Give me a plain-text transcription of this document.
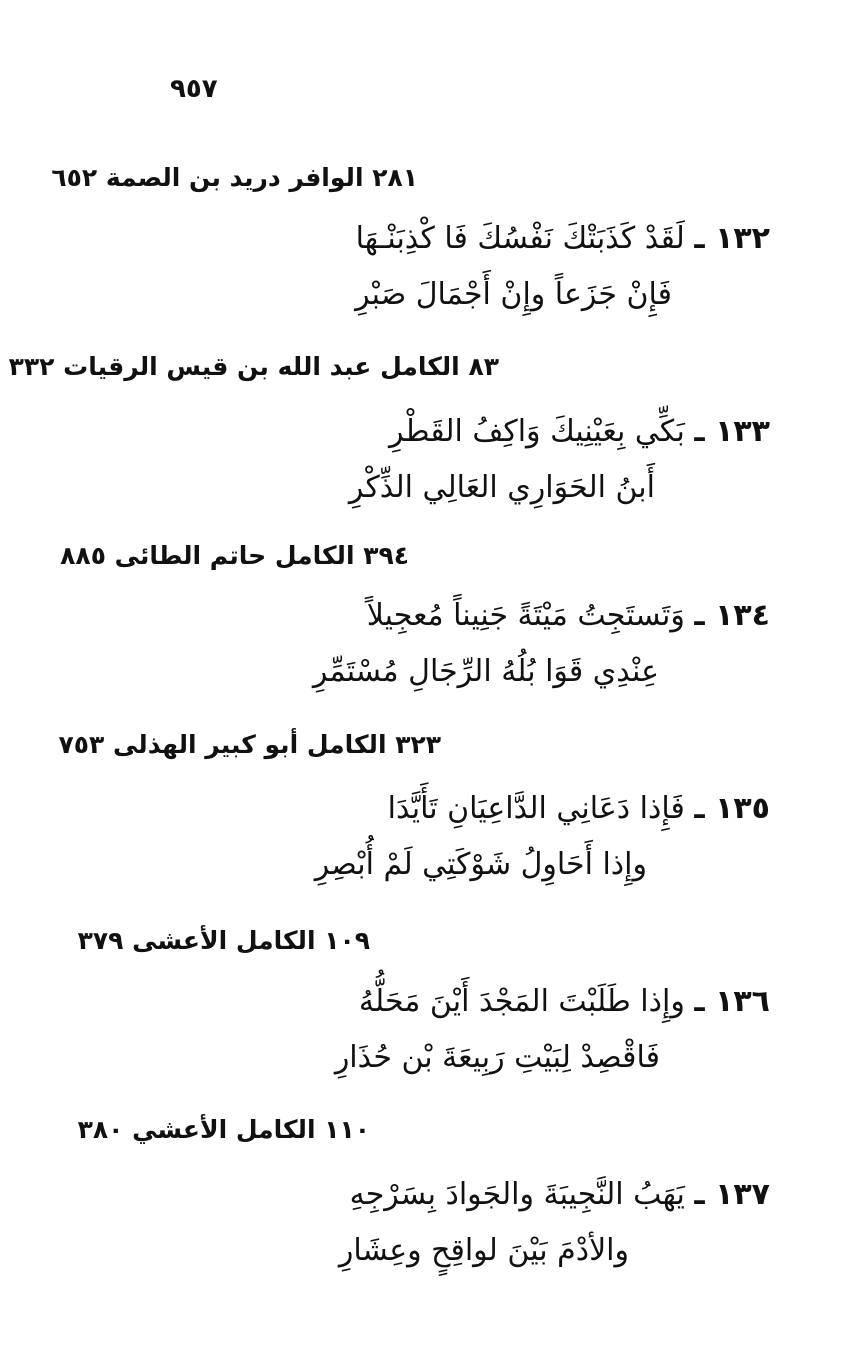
٩٥٧
٢٨١ الوافر دريد بن الصمة ٦٥٢
١٣٢ ـ لَقَدْ كَذَبَتْكَ نَفْسُكَ فَا كْذِبَنْـهَا
فَإِنْ جَزَعاً وإِنْ أَجْمَالَ صَبْرِ
٨٣ الكامل عبد الله بن قيس الرقيات ٣٣٢
١٣٣ ـ بَكِّي بِعَيْنِيكَ وَاكِفُ القَطْرِ
أَبنُ الحَوَارِي العَالِي الذِّكْرِ
٣٩٤ الكامل حاتم الطائى ٨٨٥
١٣٤ ـ وَتَستَجِتُ مَيْتَةً جَنِيناً مُعجِيلاً
عِنْدِي قَوَا بُلُهُ الرِّجَالِ مُسْتَمِّرِ
٣٢٣ الكامل أبو كبير الهذلى ٧٥٣
١٣٥ ـ فَإِذا دَعَانِي الدَّاعِيَانِ تَأَيَّدَا
وإِذا أَحَاوِلُ شَوْكَتِي لَمْ أُبْصِرِ
١٠٩ الكامل الأعشى ٣٧٩
١٣٦ ـ وإِذا طَلَبْتَ المَجْدَ أَيْنَ مَحَلُّهُ
فَاقْصِدْ لِبَيْتِ رَبِيعَةَ بْن حُذَارِ
١١٠ الكامل الأعشي ٣٨٠
١٣٧ ـ يَهَبُ النَّجِيبَةَ والجَوادَ بِسَرْجِهِ
والأدْمَ بَيْنَ لواقِحٍ وعِشَارِ
